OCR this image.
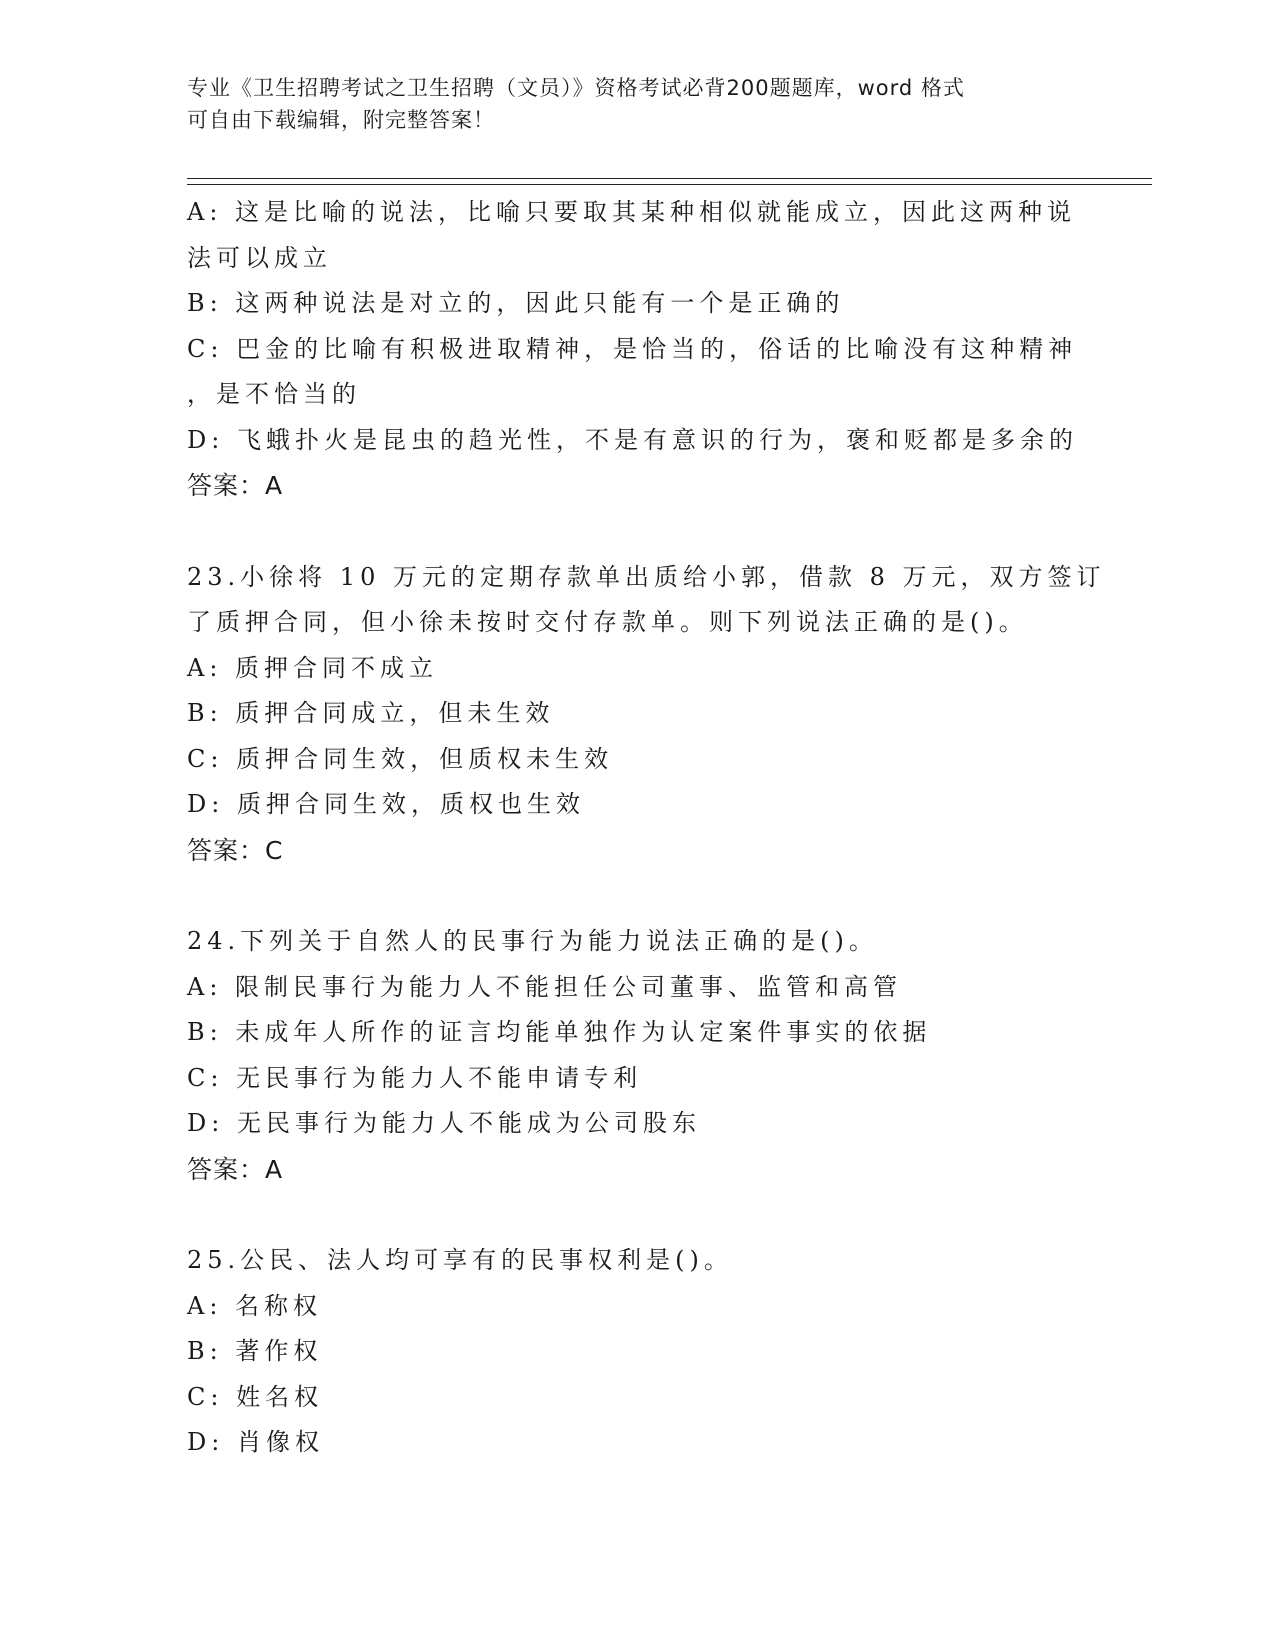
专业《卫生招聘考试之卫生招聘（文员）》资格考试必背200题题库，word 格式
可自由下载编辑，附完整答案！
A: 这是比喻的说法，比喻只要取其某种相似就能成立，因此这两种说
法可以成立
B: 这两种说法是对立的，因此只能有一个是正确的
C: 巴金的比喻有积极进取精神，是恰当的，俗话的比喻没有这种精神
，是不恰当的
D: 飞蛾扑火是昆虫的趋光性，不是有意识的行为，褒和贬都是多余的
答案：A
23.小徐将 10 万元的定期存款单出质给小郭，借款 8 万元，双方签订
了质押合同，但小徐未按时交付存款单。则下列说法正确的是()。
A: 质押合同不成立
B: 质押合同成立，但未生效
C: 质押合同生效，但质权未生效
D: 质押合同生效，质权也生效
答案：C
24.下列关于自然人的民事行为能力说法正确的是()。
A: 限制民事行为能力人不能担任公司董事、监管和高管
B: 未成年人所作的证言均能单独作为认定案件事实的依据
C: 无民事行为能力人不能申请专利
D: 无民事行为能力人不能成为公司股东
答案：A
25.公民、法人均可享有的民事权利是()。
A: 名称权
B: 著作权
C: 姓名权
D: 肖像权
